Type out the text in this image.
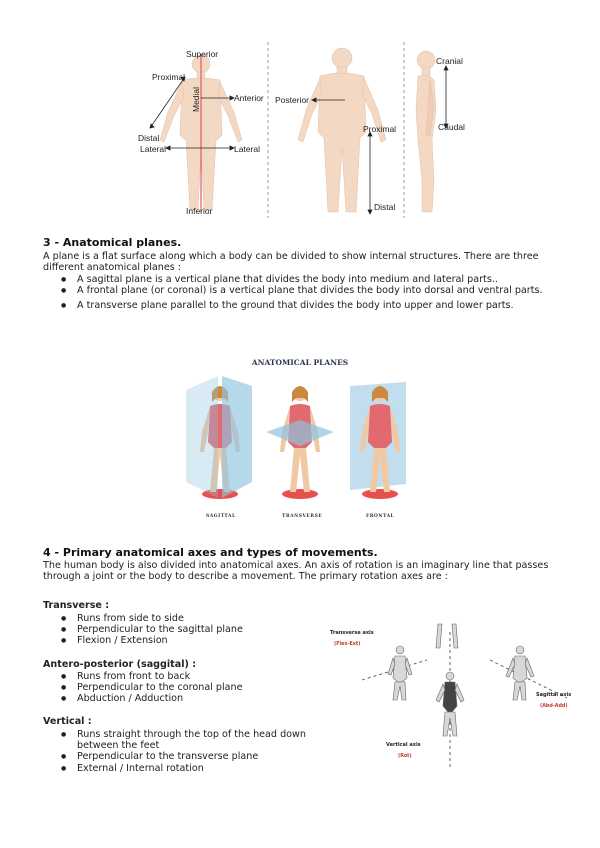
Superior
Proximal
Medial	Anterior
Distal
Lateral	Lateral
Inferior
Posterior
Proximal
Distal
Cranial
Caudal
3 - Anatomical planes.

A plane is a flat surface along which a body can be divided to show internal structures. There are three different anatomical planes :

● A sagittal plane is a vertical plane that divides the body into medium and lateral parts..
● A frontal plane (or coronal) is a vertical plane that divides the body into dorsal and ventral parts.
● A transverse plane parallel to the ground that divides the body into upper and lower parts.
ANATOMICAL PLANES
SAGITTAL	TRANSVERSE	FRONTAL
4 - Primary anatomical axes and types of movements.

The human body is also divided into anatomical axes. An axis of rotation is an imaginary line that passes through a joint or the body to describe a movement. The primary rotation axes are :

Transverse :
● Runs from side to side
● Perpendicular to the sagittal plane
● Flexion / Extension
Antero-posterior (saggital) :
● Runs from front to back
● Perpendicular to the coronal plane
● Abduction / Adduction
Vertical :
● Runs straight through the top of the head down between the feet
● Perpendicular to the transverse plane
● External / Internal rotation
Transverse axis
(Flex-Ext)
Sagittal axis
(Abd-Add)
Vertical axis
(Rot)
